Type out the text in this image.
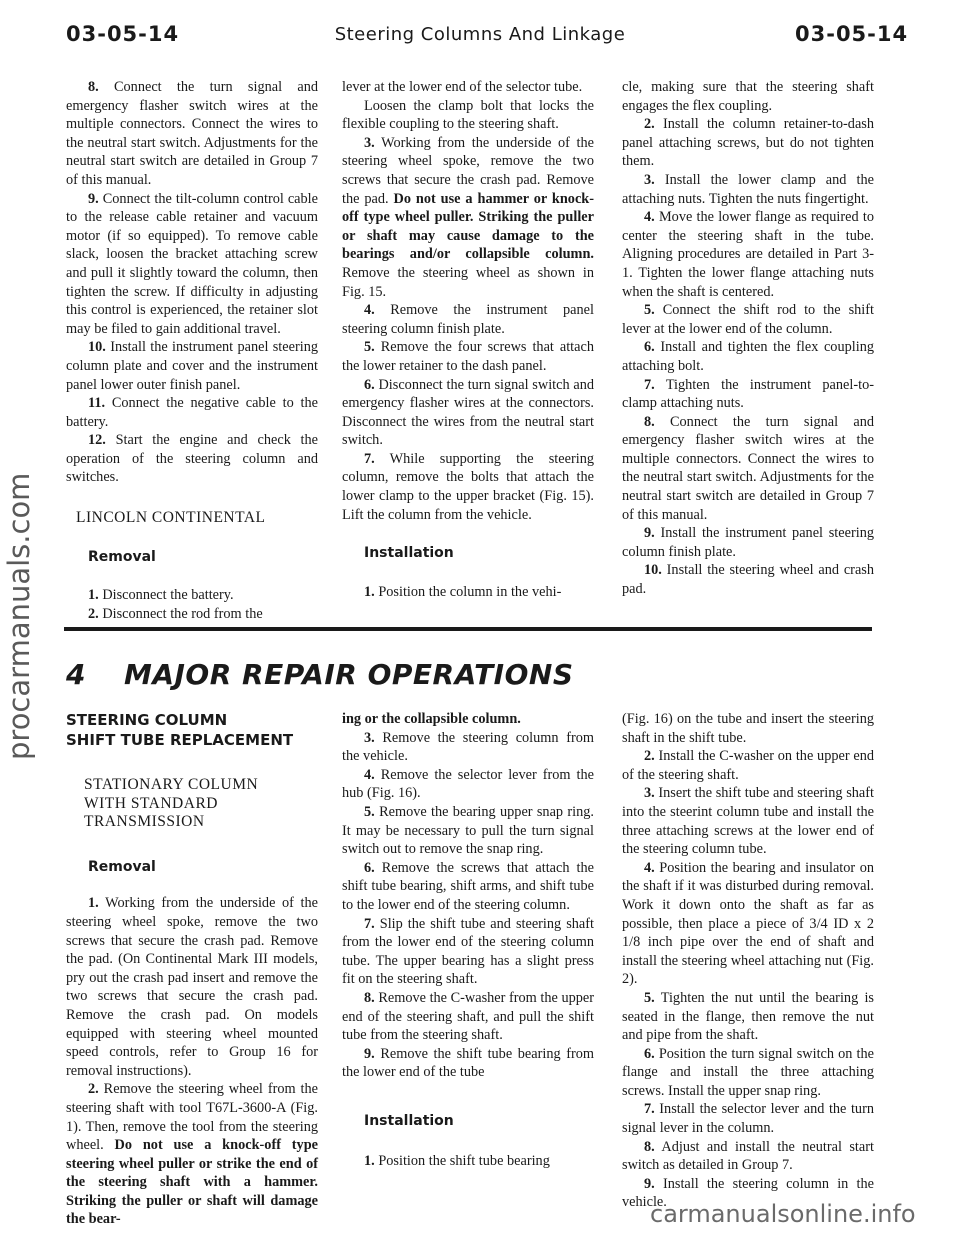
03-05-14	Steering Columns And Linkage	03-05-14
procarmanuals.com

8. Connect the turn signal and emergency flasher switch wires at the multiple connectors. Connect the wires to the neutral start switch. Adjustments for the neutral start switch are detailed in Group 7 of this manual.

9. Connect the tilt-column control cable to the release cable retainer and vacuum motor (if so equipped). To remove cable slack, loosen the bracket attaching screw and pull it slightly toward the column, then tighten the screw. If difficulty in adjusting this control is experienced, the retainer slot may be filed to gain additional travel.

10. Install the instrument panel steering column plate and cover and the instrument panel lower outer finish panel.

11. Connect the negative cable to the battery.

12. Start the engine and check the operation of the steering column and switches.

LINCOLN CONTINENTAL

Removal

1. Disconnect the battery.

2. Disconnect the rod from the

lever at the lower end of the selector tube.

Loosen the clamp bolt that locks the flexible coupling to the steering shaft.

3. Working from the underside of the steering wheel spoke, remove the two screws that secure the crash pad. Remove the pad. Do not use a hammer or knock-off type wheel puller. Striking the puller or shaft may cause damage to the bearings and/or collapsible column. Remove the steering wheel as shown in Fig. 15.

4. Remove the instrument panel steering column finish plate.

5. Remove the four screws that attach the lower retainer to the dash panel.

6. Disconnect the turn signal switch and emergency flasher wires at the connectors. Disconnect the wires from the neutral start switch.

7. While supporting the steering column, remove the bolts that attach the lower clamp to the upper bracket (Fig. 15). Lift the column from the vehicle.

Installation

1. Position the column in the vehi-

cle, making sure that the steering shaft engages the flex coupling.

2. Install the column retainer-to-dash panel attaching screws, but do not tighten them.

3. Install the lower clamp and the attaching nuts. Tighten the nuts fingertight.

4. Move the lower flange as required to center the steering shaft in the tube. Aligning procedures are detailed in Part 3-1. Tighten the lower flange attaching nuts when the shaft is centered.

5. Connect the shift rod to the shift lever at the lower end of the column.

6. Install and tighten the flex coupling attaching bolt.

7. Tighten the instrument panel-to-clamp attaching nuts.

8. Connect the turn signal and emergency flasher switch wires at the multiple connectors. Connect the wires to the neutral start switch. Adjustments for the neutral start switch are detailed in Group 7 of this manual.

9. Install the instrument panel steering column finish plate.

10. Install the steering wheel and crash pad.

4 MAJOR REPAIR OPERATIONS

STEERING COLUMN

SHIFT TUBE REPLACEMENT

STATIONARY COLUMN

WITH STANDARD

TRANSMISSION

Removal

1. Working from the underside of the steering wheel spoke, remove the two screws that secure the crash pad. Remove the pad. (On Continental Mark III models, pry out the crash pad insert and remove the two screws that secure the crash pad. Remove the crash pad. On models equipped with steering wheel mounted speed controls, refer to Group 16 for removal instructions).

2. Remove the steering wheel from the steering shaft with tool T67L-3600-A (Fig. 1). Then, remove the tool from the steering wheel. Do not use a knock-off type steering wheel puller or strike the end of the steering shaft with a hammer. Striking the puller or shaft will damage the bear-

ing or the collapsible column.

3. Remove the steering column from the vehicle.

4. Remove the selector lever from the hub (Fig. 16).

5. Remove the bearing upper snap ring. It may be necessary to pull the turn signal switch out to remove the snap ring.

6. Remove the screws that attach the shift tube bearing, shift arms, and shift tube to the lower end of the steering column.

7. Slip the shift tube and steering shaft from the lower end of the steering column tube. The upper bearing has a slight press fit on the steering shaft.

8. Remove the C-washer from the upper end of the steering shaft, and pull the shift tube from the steering shaft.

9. Remove the shift tube bearing from the lower end of the tube

Installation

1. Position the shift tube bearing

(Fig. 16) on the tube and insert the steering shaft in the shift tube.

2. Install the C-washer on the upper end of the steering shaft.

3. Insert the shift tube and steering shaft into the steerint column tube and install the three attaching screws at the lower end of the steering column tube.

4. Position the bearing and insulator on the shaft if it was disturbed during removal. Work it down onto the shaft as far as possible, then place a piece of 3/4 ID x 2 1/8 inch pipe over the end of shaft and install the steering wheel attaching nut (Fig. 2).

5. Tighten the nut until the bearing is seated in the flange, then remove the nut and pipe from the shaft.

6. Position the turn signal switch on the flange and install the three attaching screws. Install the upper snap ring.

7. Install the selector lever and the turn signal lever in the column.

8. Adjust and install the neutral start switch as detailed in Group 7.

9. Install the steering column in the vehicle.

carmanualsonline.info
